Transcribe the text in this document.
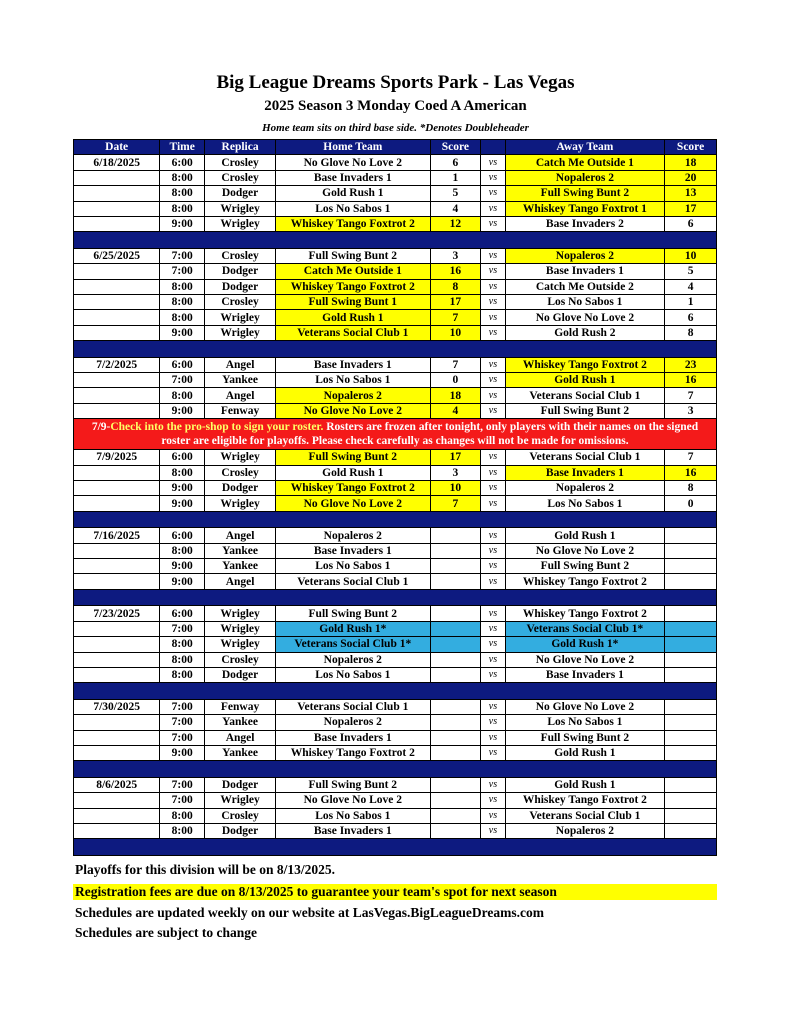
Big League Dreams Sports Park - Las Vegas
2025 Season 3 Monday Coed A American
Home team sits on third base side. *Denotes Doubleheader
Date	Time	Replica	Home Team	Score		Away Team	Score
6/18/2025	6:00	Crosley	No Glove No Love 2	6	vs	Catch Me Outside 1	18
	8:00	Crosley	Base Invaders 1	1	vs	Nopaleros 2	20
	8:00	Dodger	Gold Rush 1	5	vs	Full Swing Bunt 2	13
	8:00	Wrigley	Los No Sabos 1	4	vs	Whiskey Tango Foxtrot 1	17
	9:00	Wrigley	Whiskey Tango Foxtrot 2	12	vs	Base Invaders 2	6

6/25/2025	7:00	Crosley	Full Swing Bunt 2	3	vs	Nopaleros 2	10
	7:00	Dodger	Catch Me Outside 1	16	vs	Base Invaders 1	5
	8:00	Dodger	Whiskey Tango Foxtrot 2	8	vs	Catch Me Outside 2	4
	8:00	Crosley	Full Swing Bunt 1	17	vs	Los No Sabos 1	1
	8:00	Wrigley	Gold Rush 1	7	vs	No Glove No Love 2	6
	9:00	Wrigley	Veterans Social Club 1	10	vs	Gold Rush 2	8

7/2/2025	6:00	Angel	Base Invaders 1	7	vs	Whiskey Tango Foxtrot 2	23
	7:00	Yankee	Los No Sabos 1	0	vs	Gold Rush 1	16
	8:00	Angel	Nopaleros 2	18	vs	Veterans Social Club 1	7
	9:00	Fenway	No Glove No Love 2	4	vs	Full Swing Bunt 2	3
7/9-Check into the pro-shop to sign your roster. Rosters are frozen after tonight, only players with their names on the signed roster are eligible for playoffs. Please check carefully as changes will not be made for omissions.							
7/9/2025	6:00	Wrigley	Full Swing Bunt 2	17	vs	Veterans Social Club 1	7
	8:00	Crosley	Gold Rush 1	3	vs	Base Invaders 1	16
	9:00	Dodger	Whiskey Tango Foxtrot 2	10	vs	Nopaleros 2	8
	9:00	Wrigley	No Glove No Love 2	7	vs	Los No Sabos 1	0

7/16/2025	6:00	Angel	Nopaleros 2		vs	Gold Rush 1	
	8:00	Yankee	Base Invaders 1		vs	No Glove No Love 2	
	9:00	Yankee	Los No Sabos 1		vs	Full Swing Bunt 2	
	9:00	Angel	Veterans Social Club 1		vs	Whiskey Tango Foxtrot 2	

7/23/2025	6:00	Wrigley	Full Swing Bunt 2		vs	Whiskey Tango Foxtrot 2	
	7:00	Wrigley	Gold Rush 1*		vs	Veterans Social Club 1*	
	8:00	Wrigley	Veterans Social Club 1*		vs	Gold Rush 1*	
	8:00	Crosley	Nopaleros 2		vs	No Glove No Love 2	
	8:00	Dodger	Los No Sabos 1		vs	Base Invaders 1	

7/30/2025	7:00	Fenway	Veterans Social Club 1		vs	No Glove No Love 2	
	7:00	Yankee	Nopaleros 2		vs	Los No Sabos 1	
	7:00	Angel	Base Invaders 1		vs	Full Swing Bunt 2	
	9:00	Yankee	Whiskey Tango Foxtrot 2		vs	Gold Rush 1	

8/6/2025	7:00	Dodger	Full Swing Bunt 2		vs	Gold Rush 1	
	7:00	Wrigley	No Glove No Love 2		vs	Whiskey Tango Foxtrot 2	
	8:00	Crosley	Los No Sabos 1		vs	Veterans Social Club 1	
	8:00	Dodger	Base Invaders 1		vs	Nopaleros 2	

Playoffs for this division will be on 8/13/2025.
Registration fees are due on 8/13/2025 to guarantee your team's spot for next season
Schedules are updated weekly on our website at LasVegas.BigLeagueDreams.com
Schedules are subject to change
